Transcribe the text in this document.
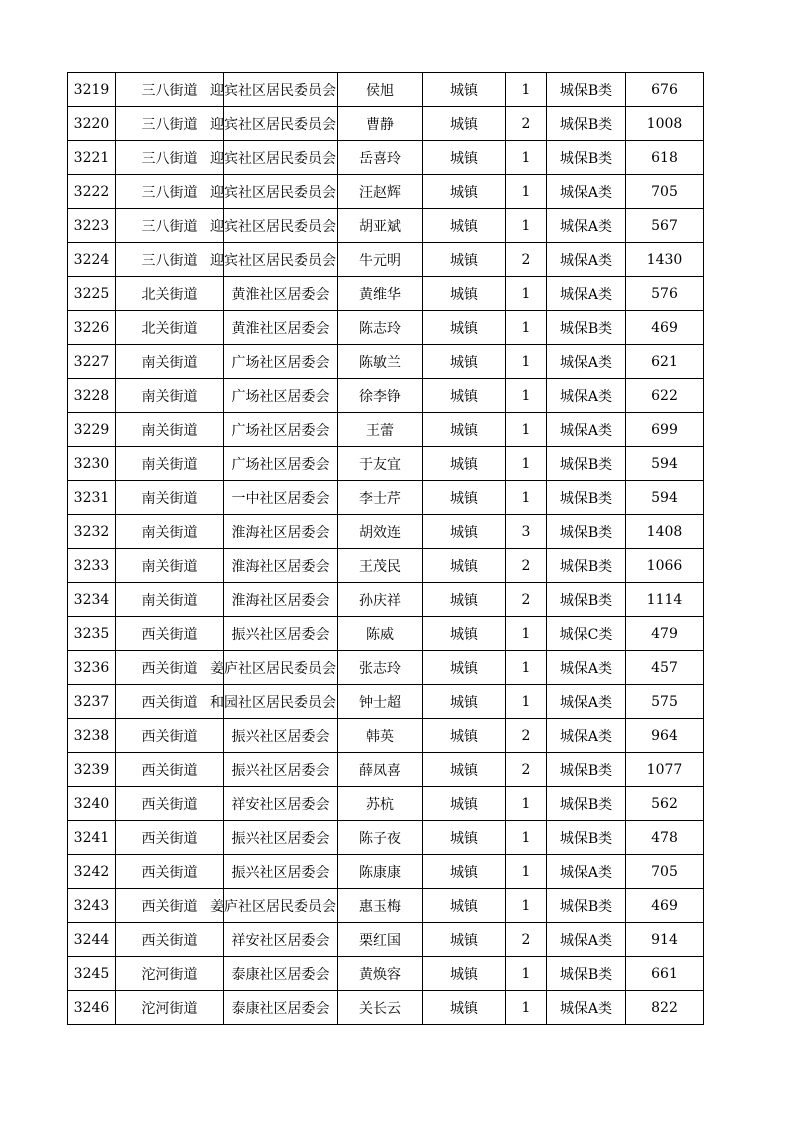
3219	三八街道	迎宾社区居民委员会	侯旭	城镇	1	城保B类	676

3220	三八街道	迎宾社区居民委员会	曹静	城镇	2	城保B类	1008

3221	三八街道	迎宾社区居民委员会	岳喜玲	城镇	1	城保B类	618

3222	三八街道	迎宾社区居民委员会	汪赵辉	城镇	1	城保A类	705

3223	三八街道	迎宾社区居民委员会	胡亚斌	城镇	1	城保A类	567

3224	三八街道	迎宾社区居民委员会	牛元明	城镇	2	城保A类	1430

3225	北关街道	黄淮社区居委会	黄维华	城镇	1	城保A类	576

3226	北关街道	黄淮社区居委会	陈志玲	城镇	1	城保B类	469

3227	南关街道	广场社区居委会	陈敏兰	城镇	1	城保A类	621

3228	南关街道	广场社区居委会	徐李铮	城镇	1	城保A类	622

3229	南关街道	广场社区居委会	王蕾	城镇	1	城保A类	699

3230	南关街道	广场社区居委会	于友宜	城镇	1	城保B类	594

3231	南关街道	一中社区居委会	李士芹	城镇	1	城保B类	594

3232	南关街道	淮海社区居委会	胡效连	城镇	3	城保B类	1408

3233	南关街道	淮海社区居委会	王茂民	城镇	2	城保B类	1066

3234	南关街道	淮海社区居委会	孙庆祥	城镇	2	城保B类	1114

3235	西关街道	振兴社区居委会	陈威	城镇	1	城保C类	479

3236	西关街道	姜庐社区居民委员会	张志玲	城镇	1	城保A类	457

3237	西关街道	和园社区居民委员会	钟士超	城镇	1	城保A类	575

3238	西关街道	振兴社区居委会	韩英	城镇	2	城保A类	964

3239	西关街道	振兴社区居委会	薛凤喜	城镇	2	城保B类	1077

3240	西关街道	祥安社区居委会	苏杭	城镇	1	城保B类	562

3241	西关街道	振兴社区居委会	陈子夜	城镇	1	城保B类	478

3242	西关街道	振兴社区居委会	陈康康	城镇	1	城保A类	705

3243	西关街道	姜庐社区居民委员会	惠玉梅	城镇	1	城保B类	469

3244	西关街道	祥安社区居委会	栗红国	城镇	2	城保A类	914

3245	沱河街道	泰康社区居委会	黄焕容	城镇	1	城保B类	661

3246	沱河街道	泰康社区居委会	关长云	城镇	1	城保A类	822
